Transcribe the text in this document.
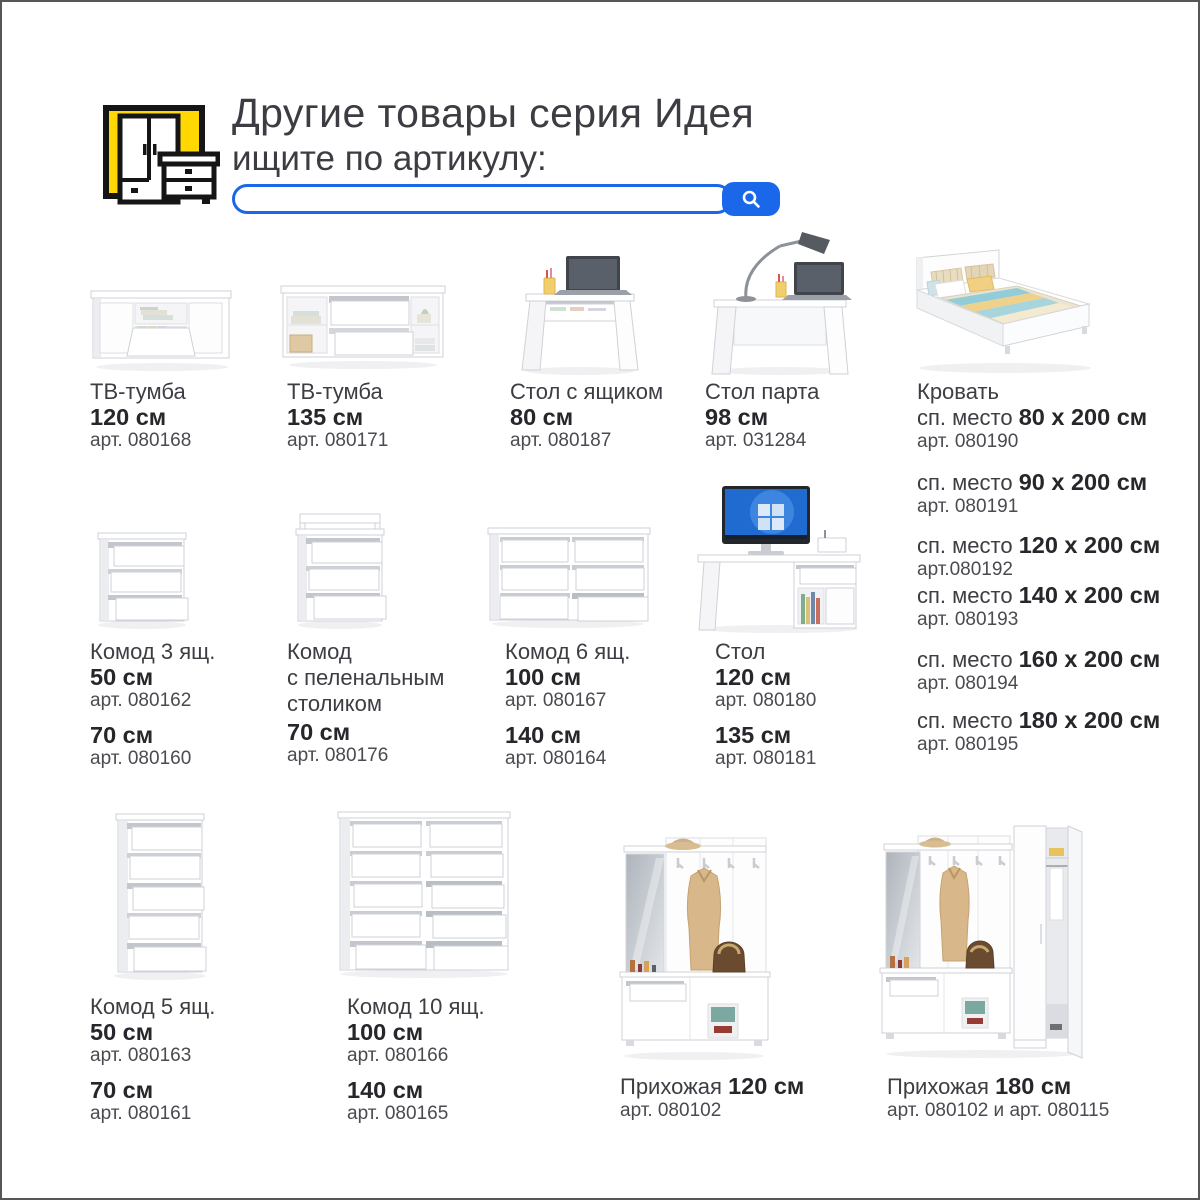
Другие товары серия Идея
ищите по артикулу:
ТВ-тумба
120 см
арт. 080168
ТВ-тумба
135 см
арт. 080171
Стол с ящиком
80 см
арт. 080187
Стол парта
98 см
арт. 031284
Кровать
сп. место 80 x 200 см
арт. 080190
сп. место 90 x 200 см
арт. 080191
сп. место 120 x 200 см
арт.080192
сп. место 140 x 200 см
арт. 080193
сп. место 160 x 200 см
арт. 080194
сп. место 180 x 200 см
арт. 080195
Комод 3 ящ.
50 см
арт. 080162
70 см
арт. 080160
Комод
с пеленальным
столиком
70 см
арт. 080176
Комод 6 ящ.
100 см
арт. 080167
140 см
арт. 080164
Стол
120 см
арт. 080180
135 см
арт. 080181
Комод 5 ящ.
50 см
арт. 080163
70 см
арт. 080161
Комод 10 ящ.
100 см
арт. 080166
140 см
арт. 080165
Прихожая 120 см
арт. 080102
Прихожая 180 см
арт. 080102 и арт. 080115
